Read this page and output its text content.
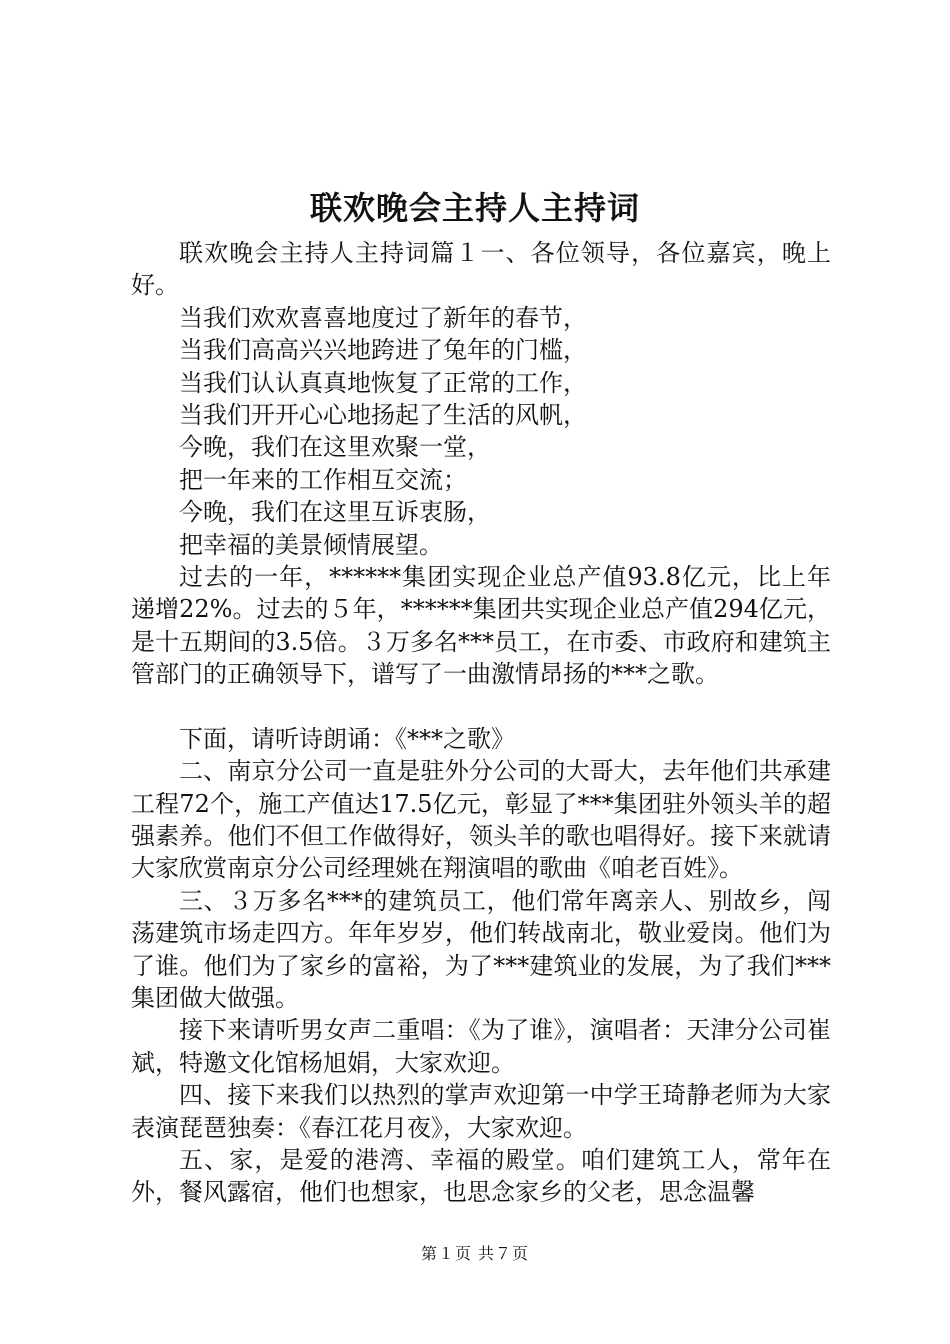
联欢晚会主持人主持词

联欢晚会主持人主持词篇１一、各位领导，各位嘉宾，晚上好。

当我们欢欢喜喜地度过了新年的春节，

当我们高高兴兴地跨进了兔年的门槛，

当我们认认真真地恢复了正常的工作，

当我们开开心心地扬起了生活的风帆，

今晚，我们在这里欢聚一堂，

把一年来的工作相互交流；

今晚，我们在这里互诉衷肠，

把幸福的美景倾情展望。

过去的一年，******集团实现企业总产值93.8亿元，比上年递增22%。过去的５年，******集团共实现企业总产值294亿元，是十五期间的3.5倍。３万多名***员工，在市委、市政府和建筑主管部门的正确领导下，谱写了一曲激情昂扬的***之歌。

下面，请听诗朗诵：《***之歌》

二、南京分公司一直是驻外分公司的大哥大，去年他们共承建工程72个，施工产值达17.5亿元，彰显了***集团驻外领头羊的超强素养。他们不但工作做得好，领头羊的歌也唱得好。接下来就请大家欣赏南京分公司经理姚在翔演唱的歌曲《咱老百姓》。

三、３万多名***的建筑员工，他们常年离亲人、别故乡，闯荡建筑市场走四方。年年岁岁，他们转战南北，敬业爱岗。他们为了谁。他们为了家乡的富裕，为了***建筑业的发展，为了我们***集团做大做强。

接下来请听男女声二重唱：《为了谁》，演唱者：天津分公司崔斌，特邀文化馆杨旭娟，大家欢迎。

四、接下来我们以热烈的掌声欢迎第一中学王琦静老师为大家表演琵琶独奏：《春江花月夜》，大家欢迎。

五、家，是爱的港湾、幸福的殿堂。咱们建筑工人，常年在外，餐风露宿，他们也想家，也思念家乡的父老，思念温馨

第１页 共７页
